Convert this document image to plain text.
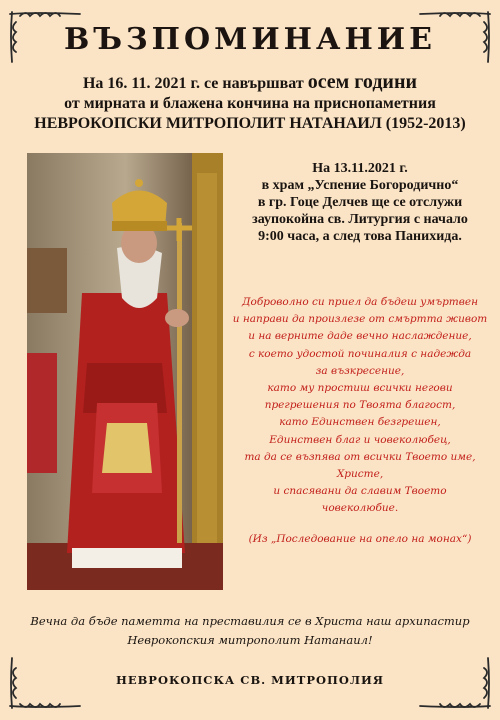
ВЪЗПОМИНАНИЕ
На 16. 11. 2021 г. се навършват осем години
от мирната и блажена кончина на приснопаметния
НЕВРОКОПСКИ МИТРОПОЛИТ НАТАНАИЛ (1952-2013)
На 13.11.2021 г.
в храм „Успение Богородично“
в гр. Гоце Делчев ще се отслужи
заупокойна св. Литургия с начало
9:00 часа, а след това Панихида.
Доброволно си приел да бъдеш умъртвен
и направи да произлезе от смъртта живот
и на верните даде вечно наслаждение,
с което удостой починалия с надежда
за възкресение,
като му простиш всички негови
прегрешения по Твоята благост,
като Единствен безгрешен,
Единствен благ и човеколюбец,
та да се възпява от всички Твоето име,
Христе,
и спасявани да славим Твоето
човеколюбие.
(Из „Последование на опело на монах“)
Вечна да бъде паметта на преставилия се в Христа наш архипастир
Неврокопския митрополит Натанаил!
НЕВРОКОПСКА СВ. МИТРОПОЛИЯ
